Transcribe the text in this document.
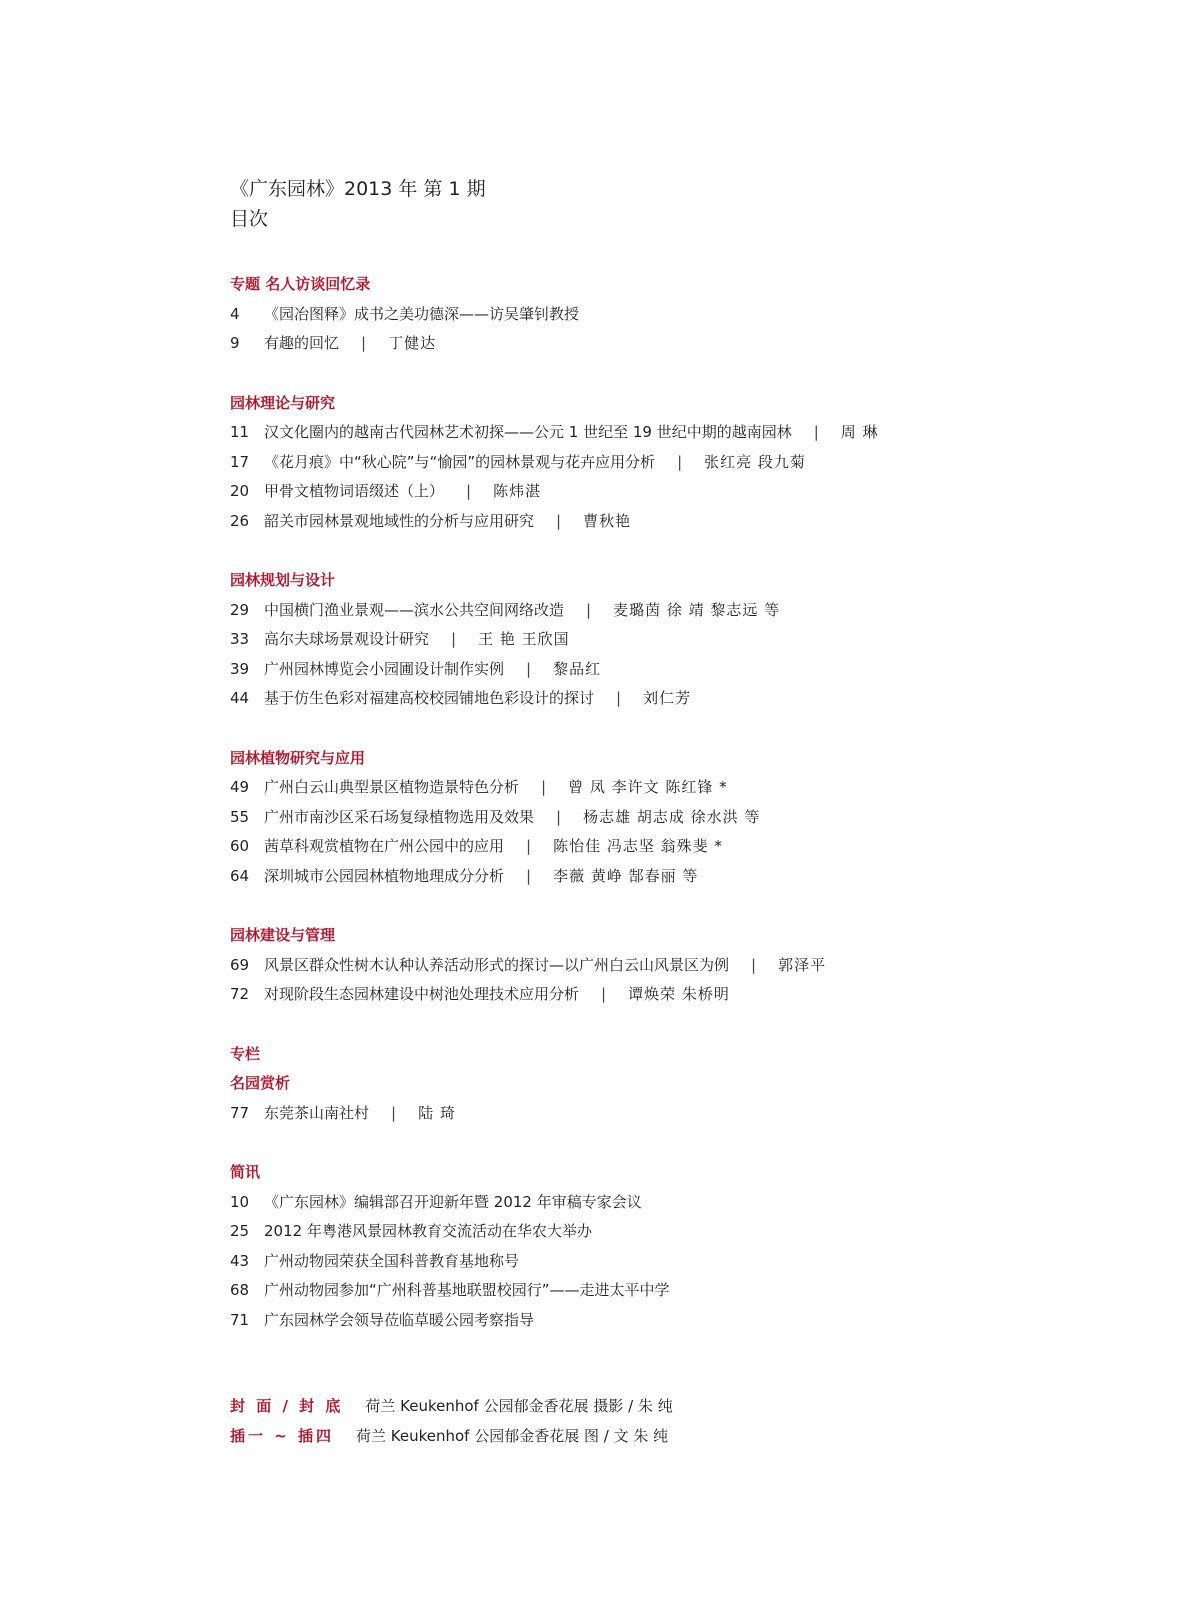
《广东园林》2013 年 第 1 期
目次
专题 名人访谈回忆录
4 《园冶图释》成书之美功德深——访吴肇钊教授
9 有趣的回忆 | 丁健达
园林理论与研究
11 汉文化圈内的越南古代园林艺术初探——公元 1 世纪至 19 世纪中期的越南园林 | 周 琳
17 《花月痕》中“秋心院”与“愉园”的园林景观与花卉应用分析 | 张红亮 段九菊
20 甲骨文植物词语缀述（上） | 陈炜湛
26 韶关市园林景观地域性的分析与应用研究 | 曹秋艳
园林规划与设计
29 中国横门渔业景观——滨水公共空间网络改造 | 麦璐茵 徐 靖 黎志远 等
33 高尔夫球场景观设计研究 | 王 艳 王欣国
39 广州园林博览会小园圃设计制作实例 | 黎品红
44 基于仿生色彩对福建高校校园铺地色彩设计的探讨 | 刘仁芳
园林植物研究与应用
49 广州白云山典型景区植物造景特色分析 | 曾 凤 李许文 陈红锋 *
55 广州市南沙区采石场复绿植物选用及效果 | 杨志雄 胡志成 徐水洪 等
60 茜草科观赏植物在广州公园中的应用 | 陈怡佳 冯志坚 翁殊斐 *
64 深圳城市公园园林植物地理成分分析 | 李薇 黄峥 郜春丽 等
园林建设与管理
69 风景区群众性树木认种认养活动形式的探讨—以广州白云山风景区为例 | 郭泽平
72 对现阶段生态园林建设中树池处理技术应用分析 | 谭焕荣 朱桥明
专栏
名园赏析
77 东莞茶山南社村 | 陆 琦
简讯
10 《广东园林》编辑部召开迎新年暨 2012 年审稿专家会议
25 2012 年粤港风景园林教育交流活动在华农大举办
43 广州动物园荣获全国科普教育基地称号
68 广州动物园参加“广州科普基地联盟校园行”——走进太平中学
71 广东园林学会领导莅临草暖公园考察指导
封 面 / 封 底 荷兰 Keukenhof 公园郁金香花展 摄影 / 朱 纯
插一 ~ 插四 荷兰 Keukenhof 公园郁金香花展 图 / 文 朱 纯
